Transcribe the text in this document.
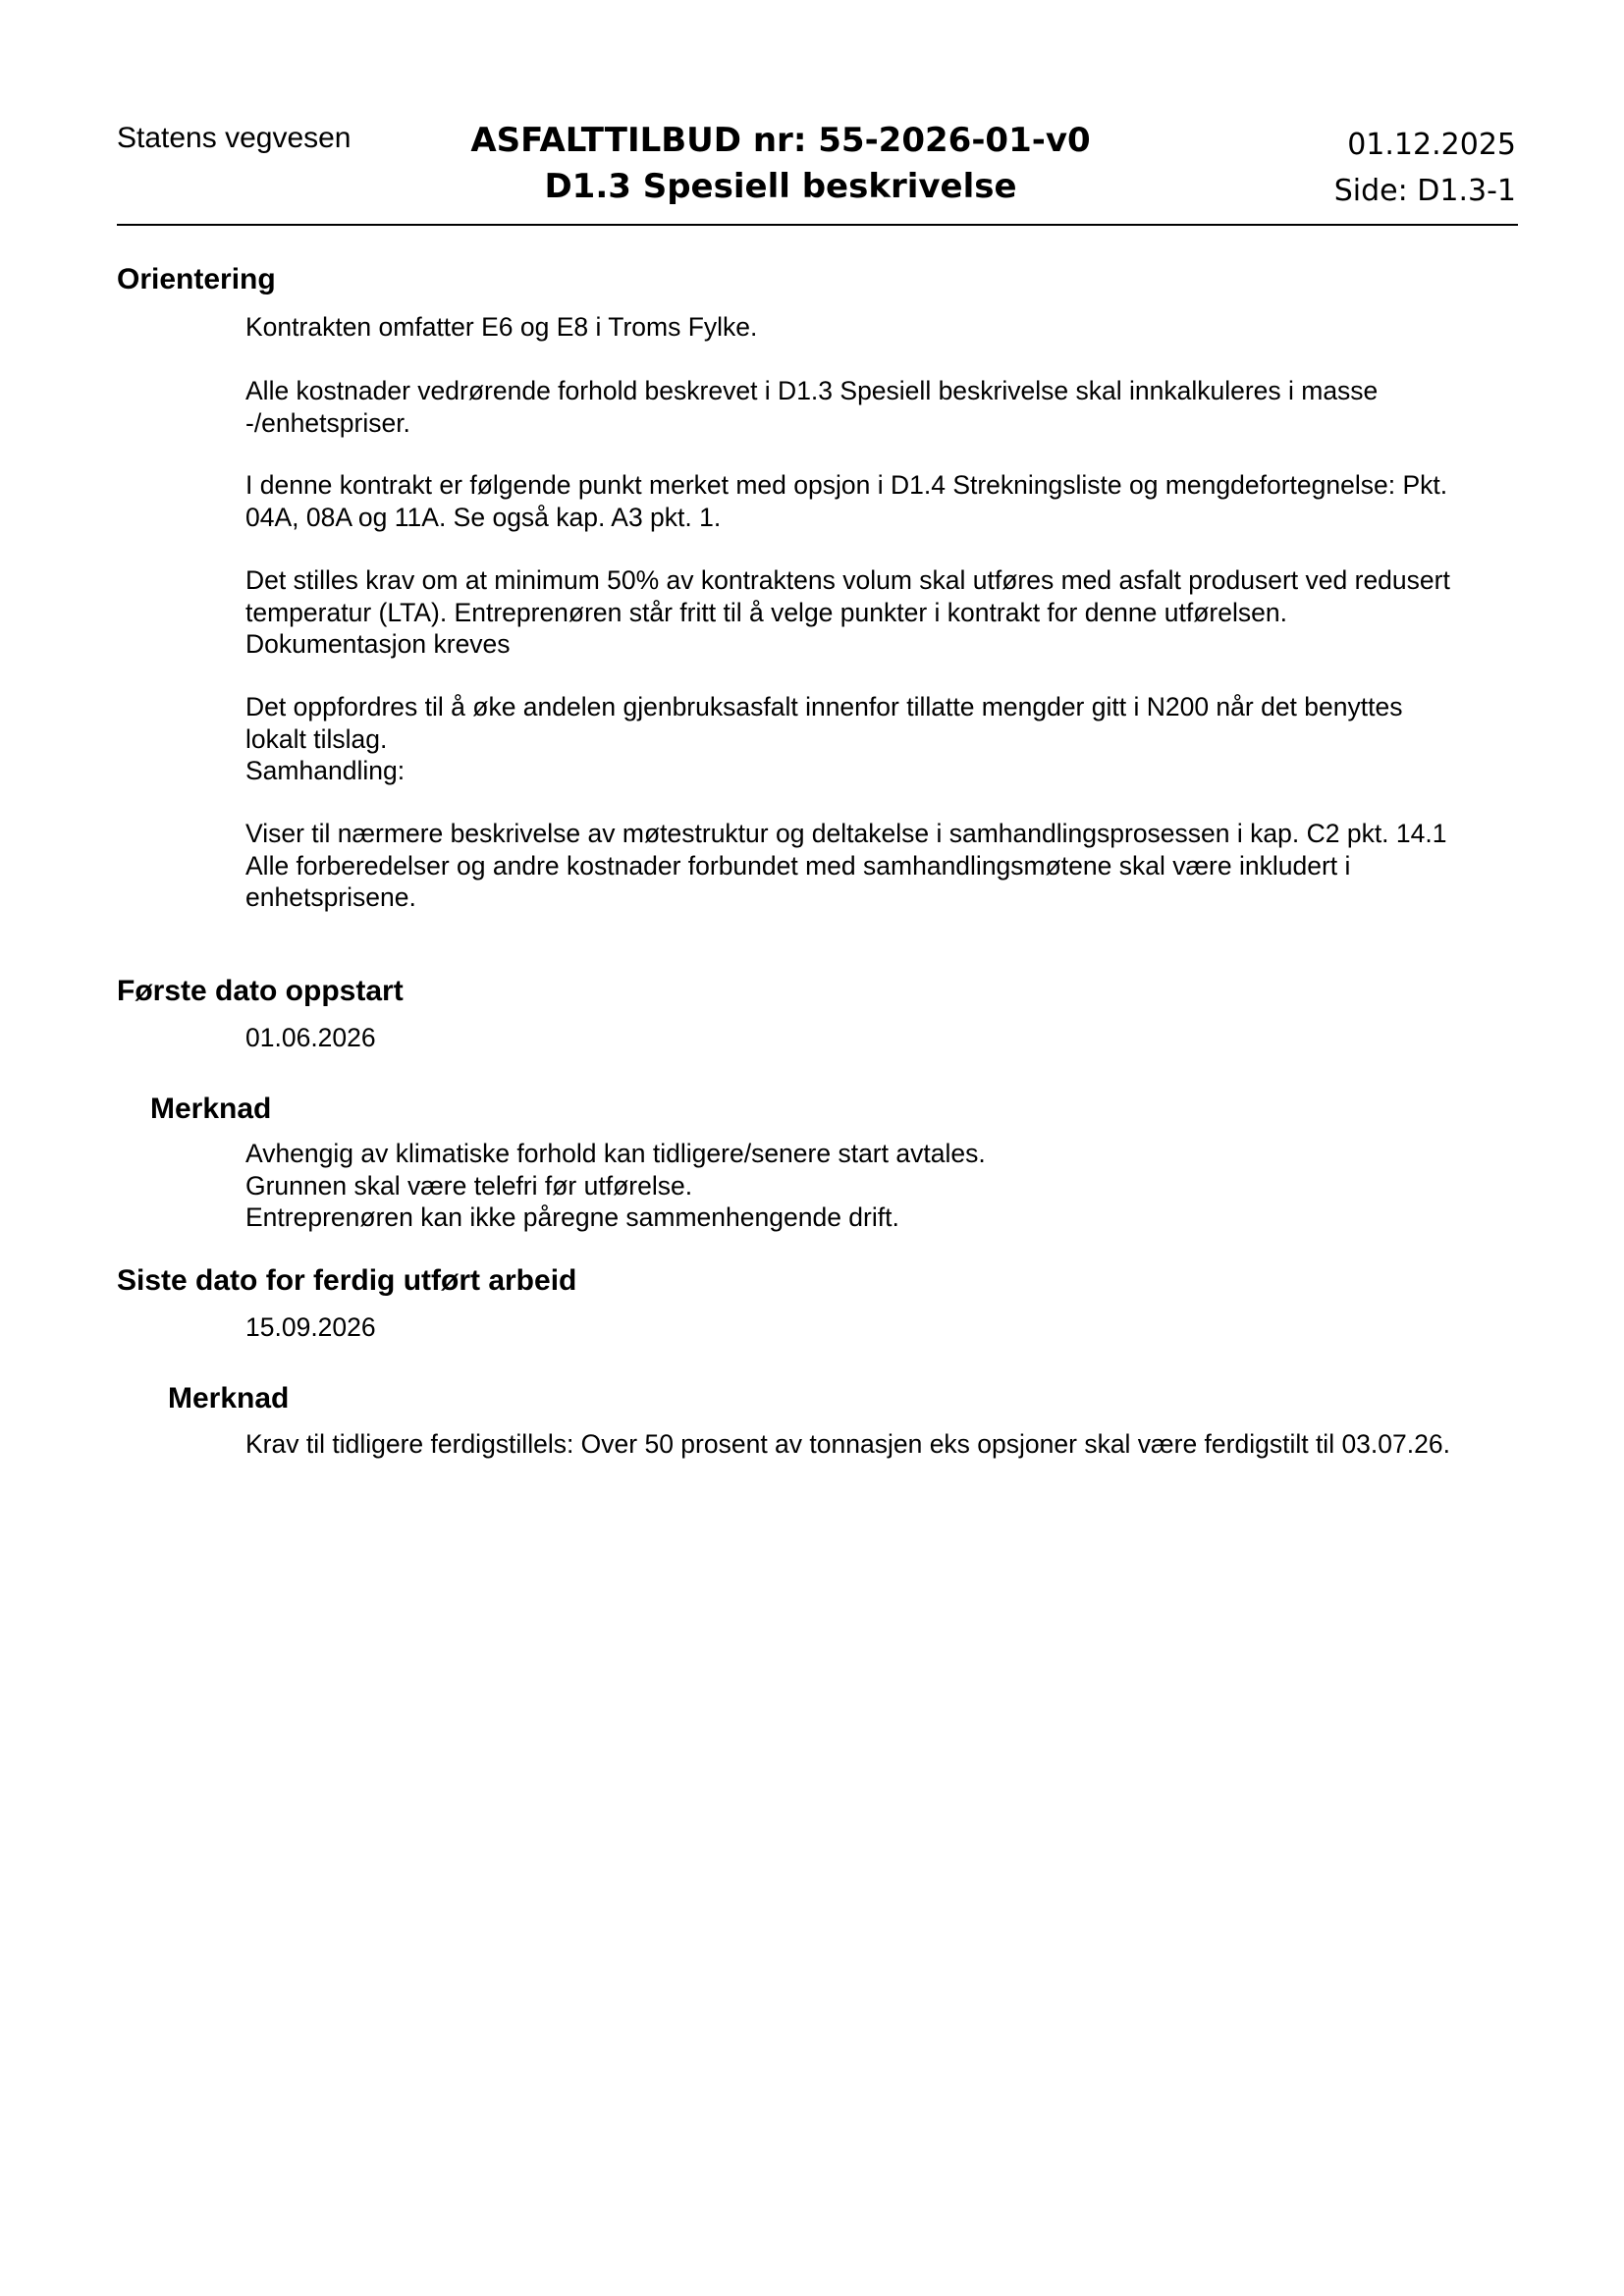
Statens vegvesen	ASFALTTILBUD nr: 55-2026-01-v0
D1.3 Spesiell beskrivelse
01.12.2025
Side: D1.3-1
Orientering
Kontrakten omfatter E6 og E8 i Troms Fylke.
Alle kostnader vedrørende forhold beskrevet i D1.3 Spesiell beskrivelse skal innkalkuleres i masse
-/enhetspriser.
I denne kontrakt er følgende punkt merket med opsjon i D1.4 Strekningsliste og mengdefortegnelse: Pkt.
04A, 08A og 11A. Se også kap. A3 pkt. 1.
Det stilles krav om at minimum 50% av kontraktens volum skal utføres med asfalt produsert ved redusert
temperatur (LTA). Entreprenøren står fritt til å velge punkter i kontrakt for denne utførelsen.
Dokumentasjon kreves
Det oppfordres til å øke andelen gjenbruksasfalt innenfor tillatte mengder gitt i N200 når det benyttes
lokalt tilslag.
Samhandling:
Viser til nærmere beskrivelse av møtestruktur og deltakelse i samhandlingsprosessen i kap. C2 pkt. 14.1
Alle forberedelser og andre kostnader forbundet med samhandlingsmøtene skal være inkludert i
enhetsprisene.
Første dato oppstart
01.06.2026
Merknad
Avhengig av klimatiske forhold kan tidligere/senere start avtales.
Grunnen skal være telefri før utførelse.
Entreprenøren kan ikke påregne sammenhengende drift.
Siste dato for ferdig utført arbeid
15.09.2026
Merknad
Krav til tidligere ferdigstillels: Over 50 prosent av tonnasjen eks opsjoner skal være ferdigstilt til 03.07.26.
